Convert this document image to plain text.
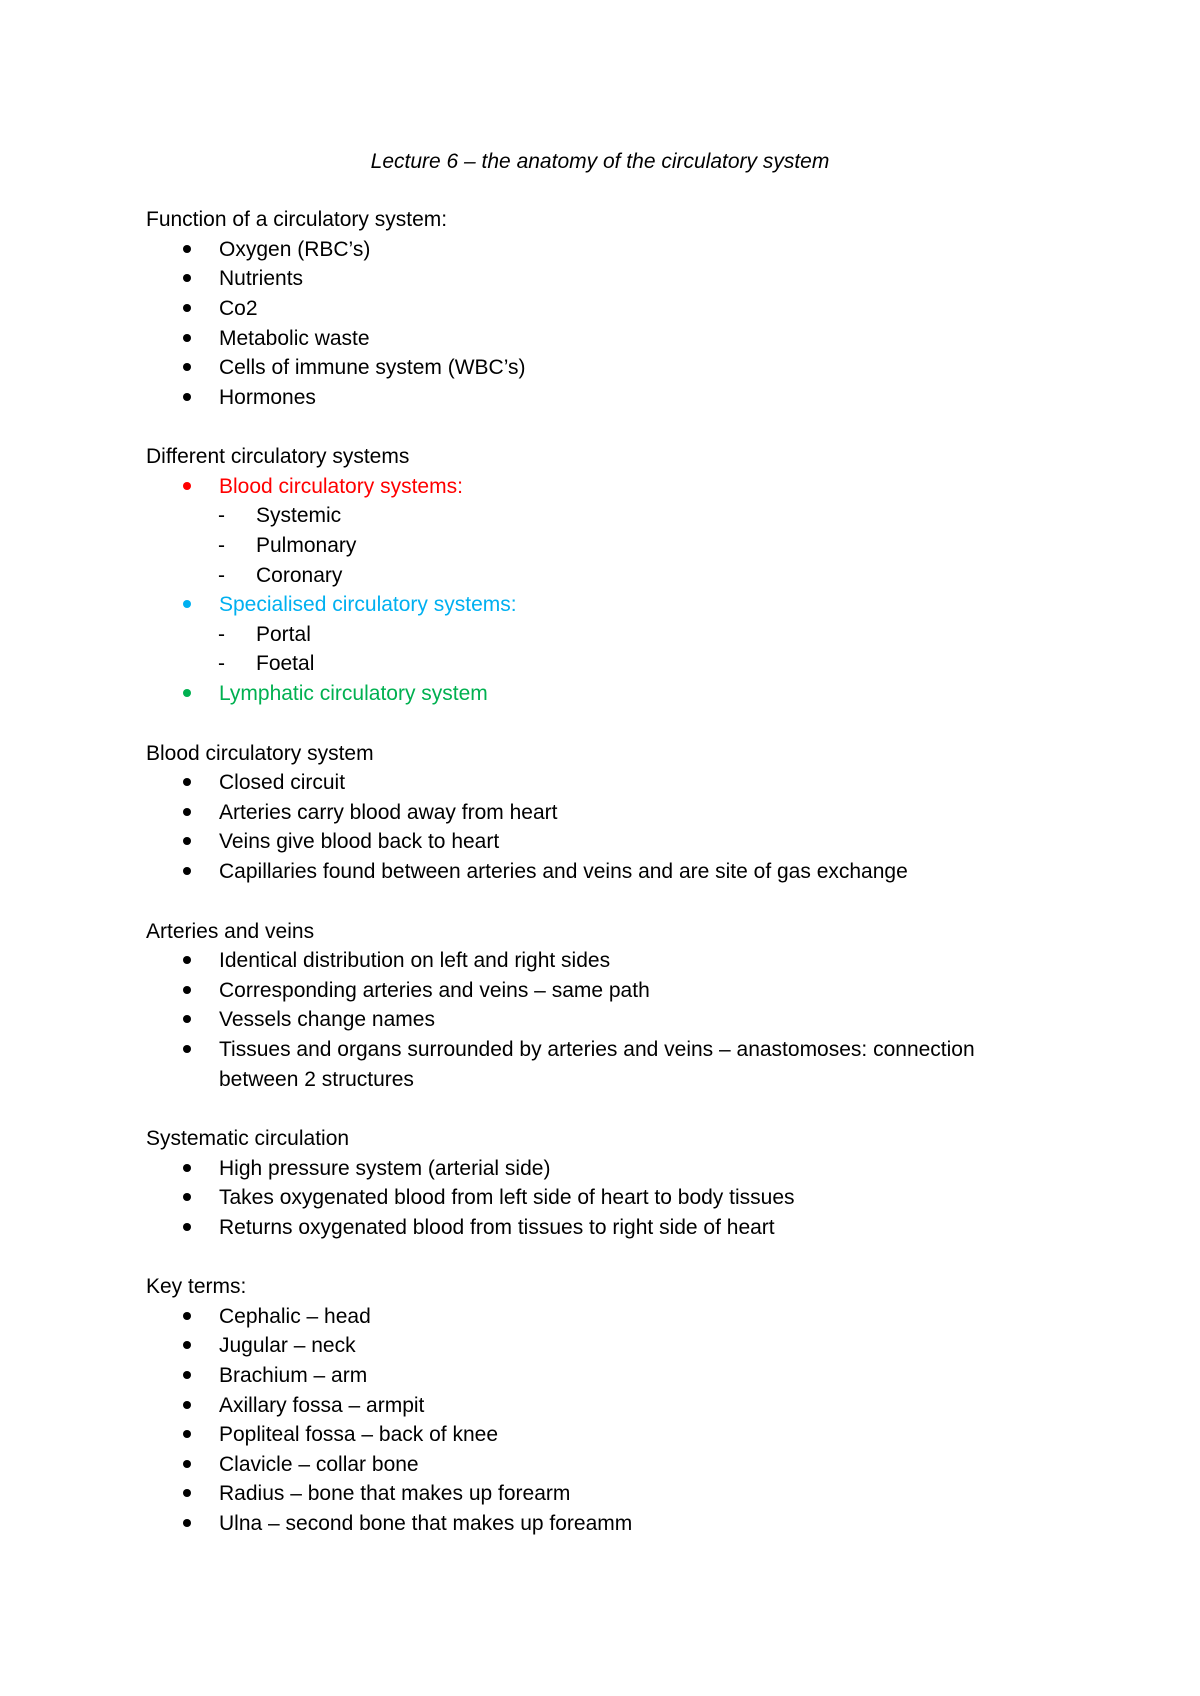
Lecture 6 – the anatomy of the circulatory system
Function of a circulatory system:
Oxygen (RBC’s)
Nutrients
Co2
Metabolic waste
Cells of immune system (WBC’s)
Hormones
Different circulatory systems
Blood circulatory systems:
- Systemic
- Pulmonary
- Coronary
Specialised circulatory systems:
- Portal
- Foetal
Lymphatic circulatory system
Blood circulatory system
Closed circuit
Arteries carry blood away from heart
Veins give blood back to heart
Capillaries found between arteries and veins and are site of gas exchange
Arteries and veins
Identical distribution on left and right sides
Corresponding arteries and veins – same path
Vessels change names
Tissues and organs surrounded by arteries and veins – anastomoses: connection
between 2 structures
Systematic circulation
High pressure system (arterial side)
Takes oxygenated blood from left side of heart to body tissues
Returns oxygenated blood from tissues to right side of heart
Key terms:
Cephalic – head
Jugular – neck
Brachium – arm
Axillary fossa – armpit
Popliteal fossa – back of knee
Clavicle – collar bone
Radius – bone that makes up forearm
Ulna – second bone that makes up foreamm
